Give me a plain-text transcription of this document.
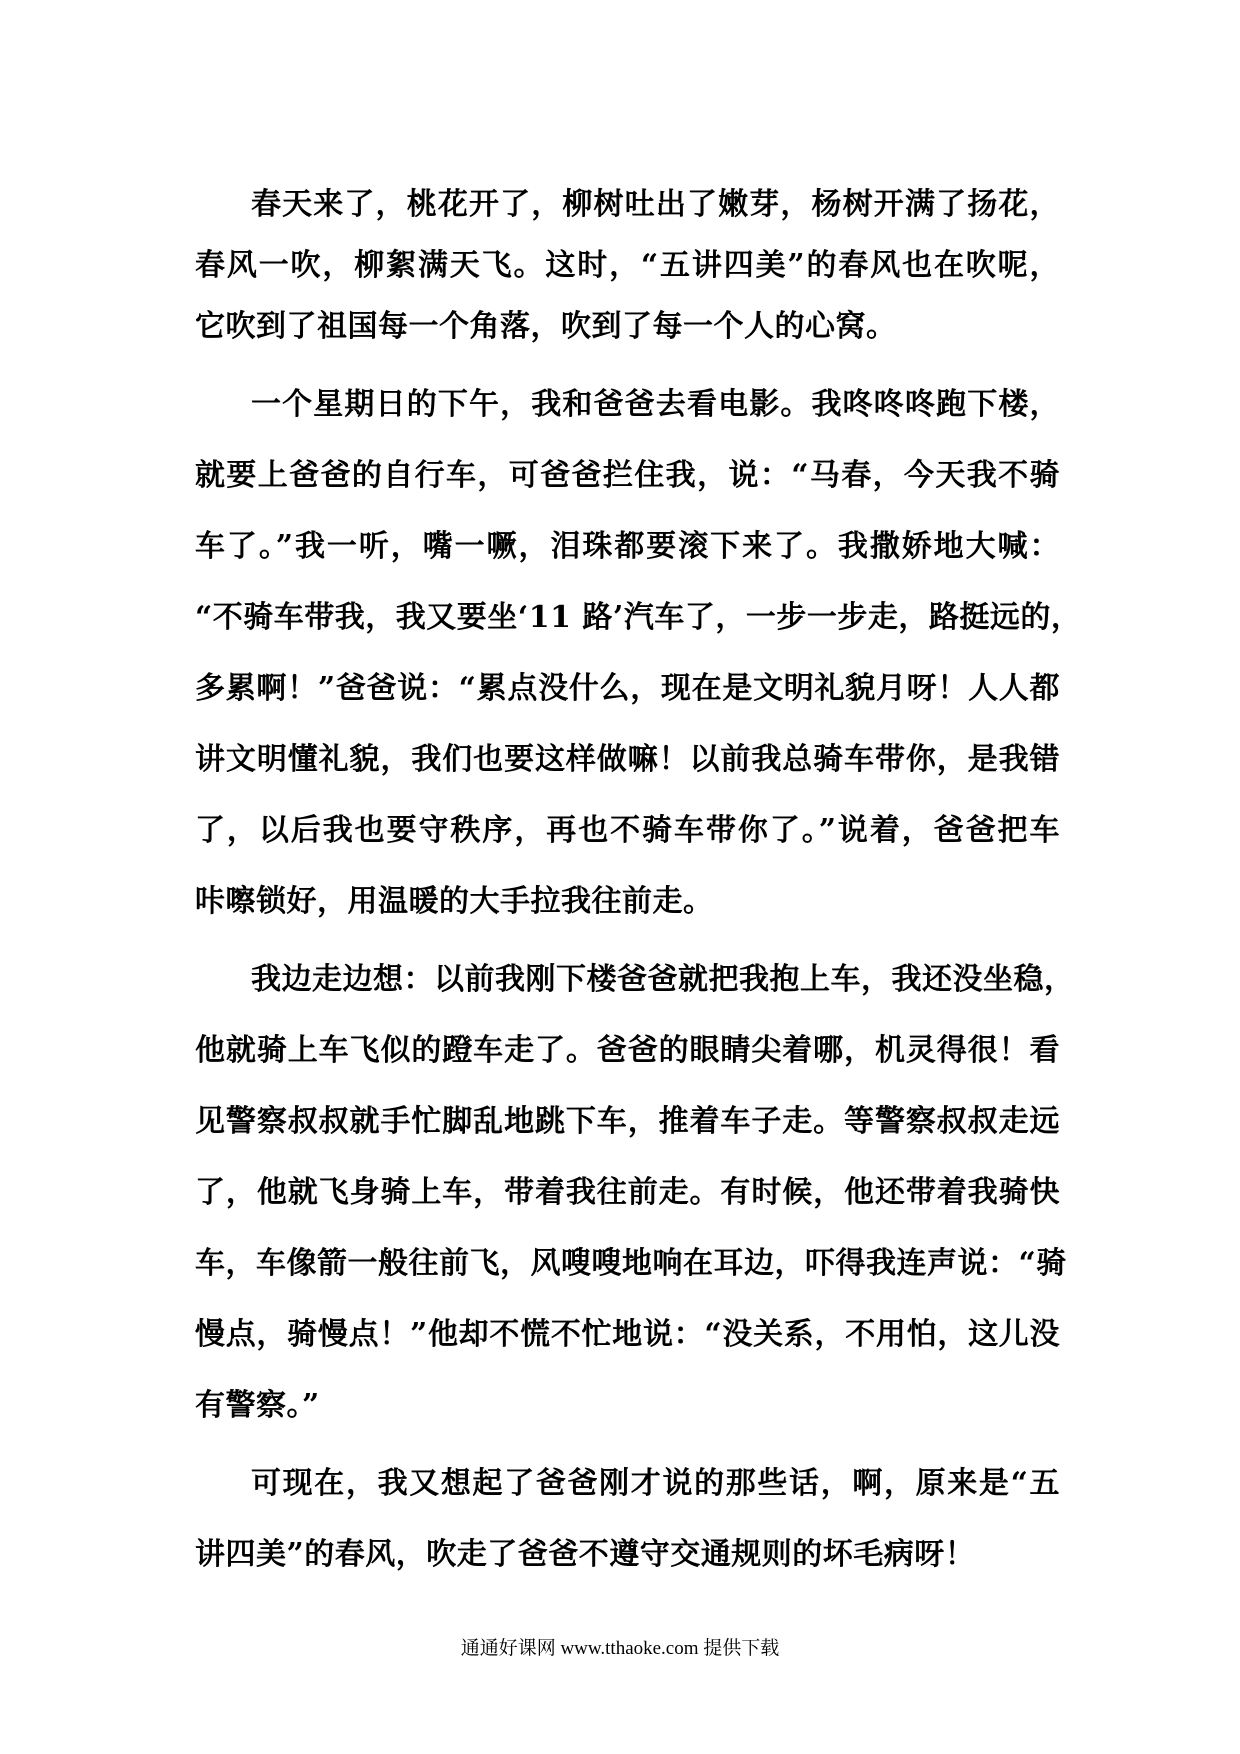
春天来了，桃花开了，柳树吐出了嫩芽，杨树开满了扬花，
春风一吹，柳絮满天飞。这时，“五讲四美”的春风也在吹呢，
它吹到了祖国每一个角落，吹到了每一个人的心窝。
一个星期日的下午，我和爸爸去看电影。我咚咚咚跑下楼，
就要上爸爸的自行车，可爸爸拦住我，说：“马春，今天我不骑
车了。”我一听，嘴一噘，泪珠都要滚下来了。我撒娇地大喊：
“不骑车带我，我又要坐‘11 路’汽车了，一步一步走，路挺远的，
多累啊！”爸爸说：“累点没什么，现在是文明礼貌月呀！人人都
讲文明懂礼貌，我们也要这样做嘛！以前我总骑车带你，是我错
了，以后我也要守秩序，再也不骑车带你了。”说着，爸爸把车
咔嚓锁好，用温暖的大手拉我往前走。
我边走边想：以前我刚下楼爸爸就把我抱上车，我还没坐稳，
他就骑上车飞似的蹬车走了。爸爸的眼睛尖着哪，机灵得很！看
见警察叔叔就手忙脚乱地跳下车，推着车子走。等警察叔叔走远
了，他就飞身骑上车，带着我往前走。有时候，他还带着我骑快
车，车像箭一般往前飞，风嗖嗖地响在耳边，吓得我连声说：“骑
慢点，骑慢点！”他却不慌不忙地说：“没关系，不用怕，这儿没
有警察。”
可现在，我又想起了爸爸刚才说的那些话，啊，原来是“五
讲四美”的春风，吹走了爸爸不遵守交通规则的坏毛病呀！
通通好课网 www.tthaoke.com 提供下载
